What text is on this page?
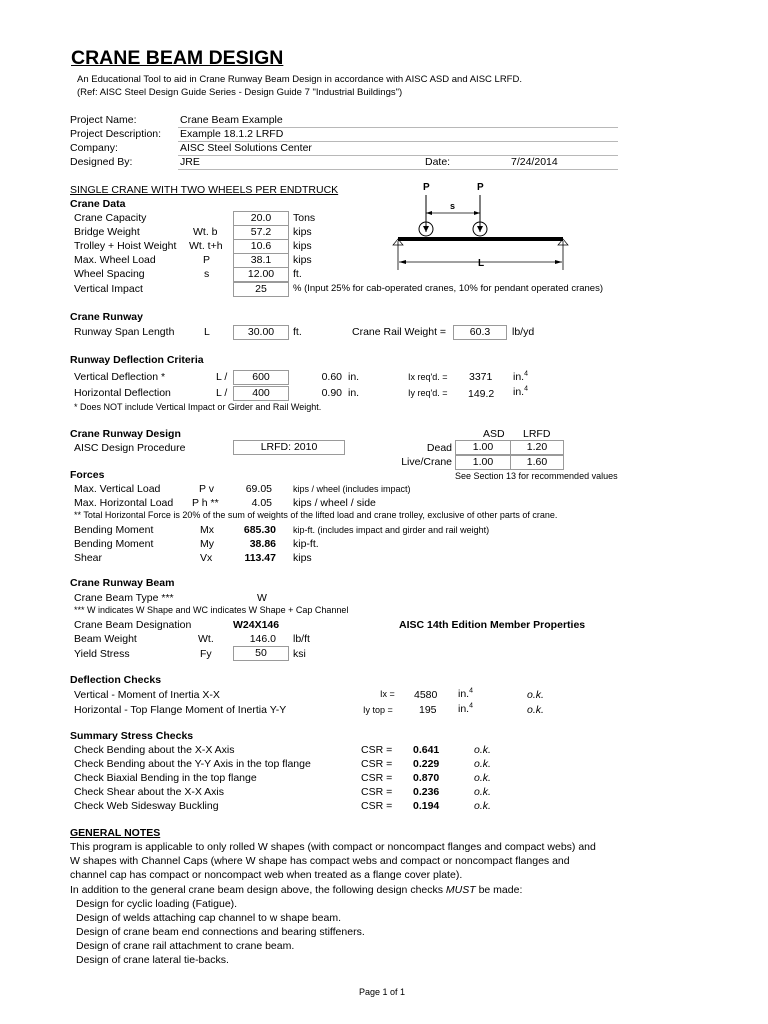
CRANE BEAM DESIGN
An Educational Tool to aid in Crane Runway Beam Design in accordance with AISC ASD and AISC LRFD.
(Ref: AISC Steel Design Guide Series - Design Guide 7 "Industrial Buildings")
Project Name:	Crane Beam Example
Project Description: Example 18.1.2 LRFD
Company:	AISC Steel Solutions Center
Designed By:	JRE	Date:	7/24/2014
SINGLE CRANE WITH TWO WHEELS PER ENDTRUCK
Crane Data
Crane Capacity	20.0	Tons
Bridge Weight	Wt. b	57.2	kips
Trolley + Hoist Weight Wt. t+h	10.6	kips
Max. Wheel Load	P	38.1	kips
Wheel Spacing	s	12.00	ft.
Vertical Impact	25	% (Input 25% for cab-operated cranes, 10% for pendant operated cranes)
P	P
s
L
Crane Runway
Runway Span Length	L	30.00	ft.	Crane Rail Weight =	60.3	lb/yd
Runway Deflection Criteria
Vertical Deflection *	L /	600	0.60 in.	Ix req'd. = 3371 in.$^4$
Horizontal Deflection	L /	400	0.90 in.	Iy req'd. = 149.2 in.$^4$
* Does NOT include Vertical Impact or Girder and Rail Weight.
Crane Runway Design	ASD LRFD
AISC Design Procedure	LRFD: 2010	Dead	1.00	1.20
Live/Crane	1.00	1.60
See Section 13 for recommended values
Forces
Max. Vertical Load	P v	69.05 kips / wheel (includes impact)
Max. Horizontal Load P h **	4.05 kips / wheel / side
** Total Horizontal Force is 20% of the sum of weights of the lifted load and crane trolley, exclusive of other parts of crane.
Bending Moment	Mx	685.30 kip-ft. (includes impact and girder and rail weight)
Bending Moment	My	38.86 kip-ft.
Shear	Vx	113.47 kips
Crane Runway Beam
Crane Beam Type ***	W
*** W indicates W Shape and WC indicates W Shape + Cap Channel
Crane Beam Designation	W24X146	AISC 14th Edition Member Properties
Beam Weight	Wt.	146.0 lb/ft
Yield Stress	Fy	50	ksi
Deflection Checks
Vertical - Moment of Inertia X-X	Ix = 4580 in.$^4$	o.k.
Horizontal - Top Flange Moment of Inertia Y-Y	Iy top = 195 in.$^4$	o.k.
Summary Stress Checks
Check Bending about the X-X Axis	CSR = 0.641	o.k.
Check Bending about the Y-Y Axis in the top flange	CSR = 0.229	o.k.
Check Biaxial Bending in the top flange	CSR = 0.870	o.k.
Check Shear about the X-X Axis	CSR = 0.236	o.k.
Check Web Sidesway Buckling	CSR = 0.194	o.k.
GENERAL NOTES
This program is applicable to only rolled W shapes (with compact or noncompact flanges and compact webs) and
W shapes with Channel Caps (where W shape has compact webs and compact or noncompact flanges and
channel cap has compact or noncompact web when treated as a flange cover plate).
In addition to the general crane beam design above, the following design checks MUST be made:
Design for cyclic loading (Fatigue).
Design of welds attaching cap channel to w shape beam.
Design of crane beam end connections and bearing stiffeners.
Design of crane rail attachment to crane beam.
Design of crane lateral tie-backs.
Page 1 of 1
